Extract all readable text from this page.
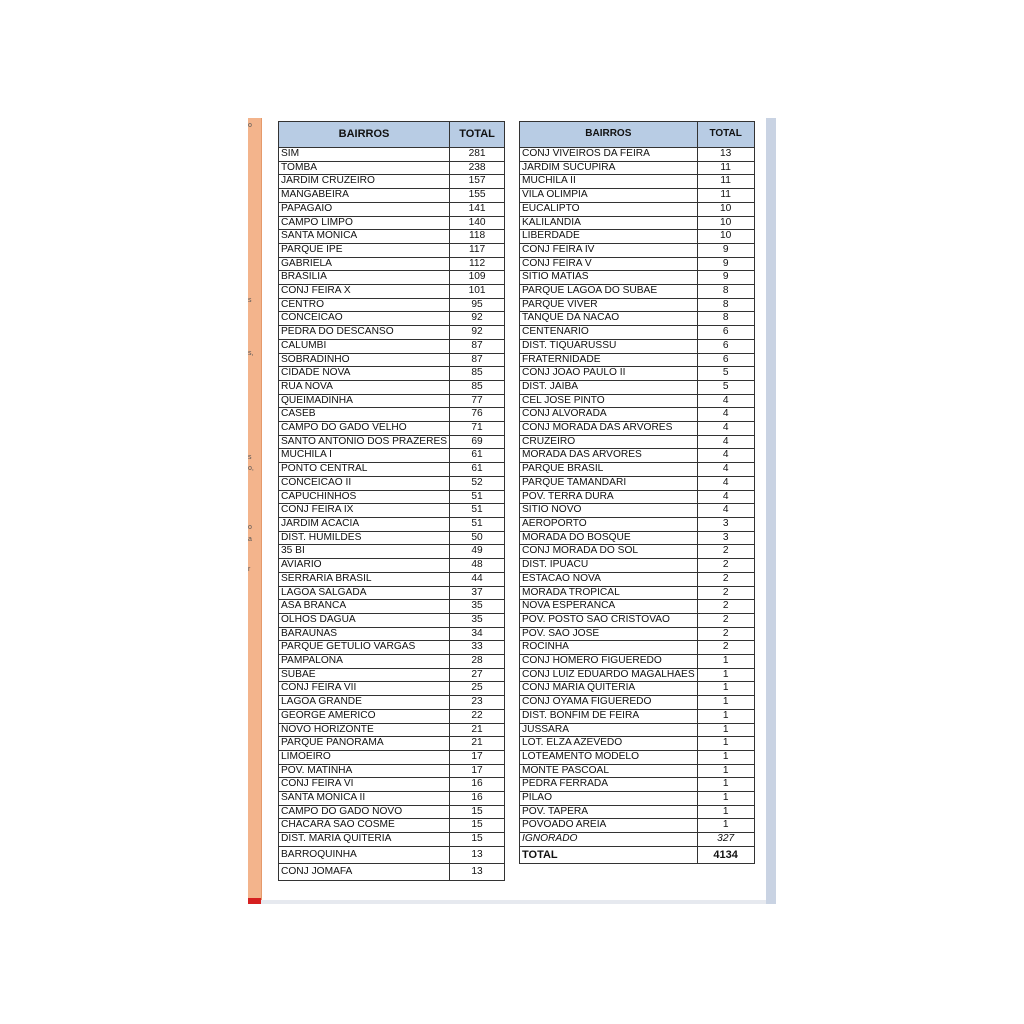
o
s
s,
s
o,
o
a
r
BAIRROS	TOTAL
SIM	281
TOMBA	238
JARDIM CRUZEIRO	157
MANGABEIRA	155
PAPAGAIO	141
CAMPO LIMPO	140
SANTA MONICA	118
PARQUE IPE	117
GABRIELA	112
BRASILIA	109
CONJ FEIRA X	101
CENTRO	95
CONCEICAO	92
PEDRA DO DESCANSO	92
CALUMBI	87
SOBRADINHO	87
CIDADE NOVA	85
RUA NOVA	85
QUEIMADINHA	77
CASEB	76
CAMPO DO GADO VELHO	71
SANTO ANTONIO DOS PRAZERES	69
MUCHILA I	61
PONTO CENTRAL	61
CONCEICAO II	52
CAPUCHINHOS	51
CONJ FEIRA IX	51
JARDIM ACACIA	51
DIST. HUMILDES	50
35 BI	49
AVIARIO	48
SERRARIA BRASIL	44
LAGOA SALGADA	37
ASA BRANCA	35
OLHOS DAGUA	35
BARAUNAS	34
PARQUE GETULIO VARGAS	33
PAMPALONA	28
SUBAE	27
CONJ FEIRA VII	25
LAGOA GRANDE	23
GEORGE AMERICO	22
NOVO HORIZONTE	21
PARQUE PANORAMA	21
LIMOEIRO	17
POV. MATINHA	17
CONJ FEIRA VI	16
SANTA MONICA II	16
CAMPO DO GADO NOVO	15
CHACARA SAO COSME	15
DIST. MARIA QUITERIA	15
BARROQUINHA	13
CONJ JOMAFA	13
BAIRROS	TOTAL
CONJ VIVEIROS DA FEIRA	13
JARDIM SUCUPIRA	11
MUCHILA II	11
VILA OLIMPIA	11
EUCALIPTO	10
KALILANDIA	10
LIBERDADE	10
CONJ FEIRA IV	9
CONJ FEIRA V	9
SITIO MATIAS	9
PARQUE LAGOA DO SUBAE	8
PARQUE VIVER	8
TANQUE DA NACAO	8
CENTENARIO	6
DIST. TIQUARUSSU	6
FRATERNIDADE	6
CONJ JOAO PAULO II	5
DIST. JAIBA	5
CEL JOSE PINTO	4
CONJ ALVORADA	4
CONJ MORADA DAS ARVORES	4
CRUZEIRO	4
MORADA DAS ARVORES	4
PARQUE BRASIL	4
PARQUE TAMANDARI	4
POV. TERRA DURA	4
SITIO NOVO	4
AEROPORTO	3
MORADA DO BOSQUE	3
CONJ MORADA DO SOL	2
DIST. IPUACU	2
ESTACAO NOVA	2
MORADA TROPICAL	2
NOVA ESPERANCA	2
POV. POSTO SAO CRISTOVAO	2
POV. SAO JOSE	2
ROCINHA	2
CONJ HOMERO FIGUEREDO	1
CONJ LUIZ EDUARDO MAGALHAES	1
CONJ MARIA QUITERIA	1
CONJ OYAMA FIGUEREDO	1
DIST. BONFIM DE FEIRA	1
JUSSARA	1
LOT. ELZA AZEVEDO	1
LOTEAMENTO MODELO	1
MONTE PASCOAL	1
PEDRA FERRADA	1
PILAO	1
POV. TAPERA	1
POVOADO AREIA	1
IGNORADO	327
TOTAL	4134
